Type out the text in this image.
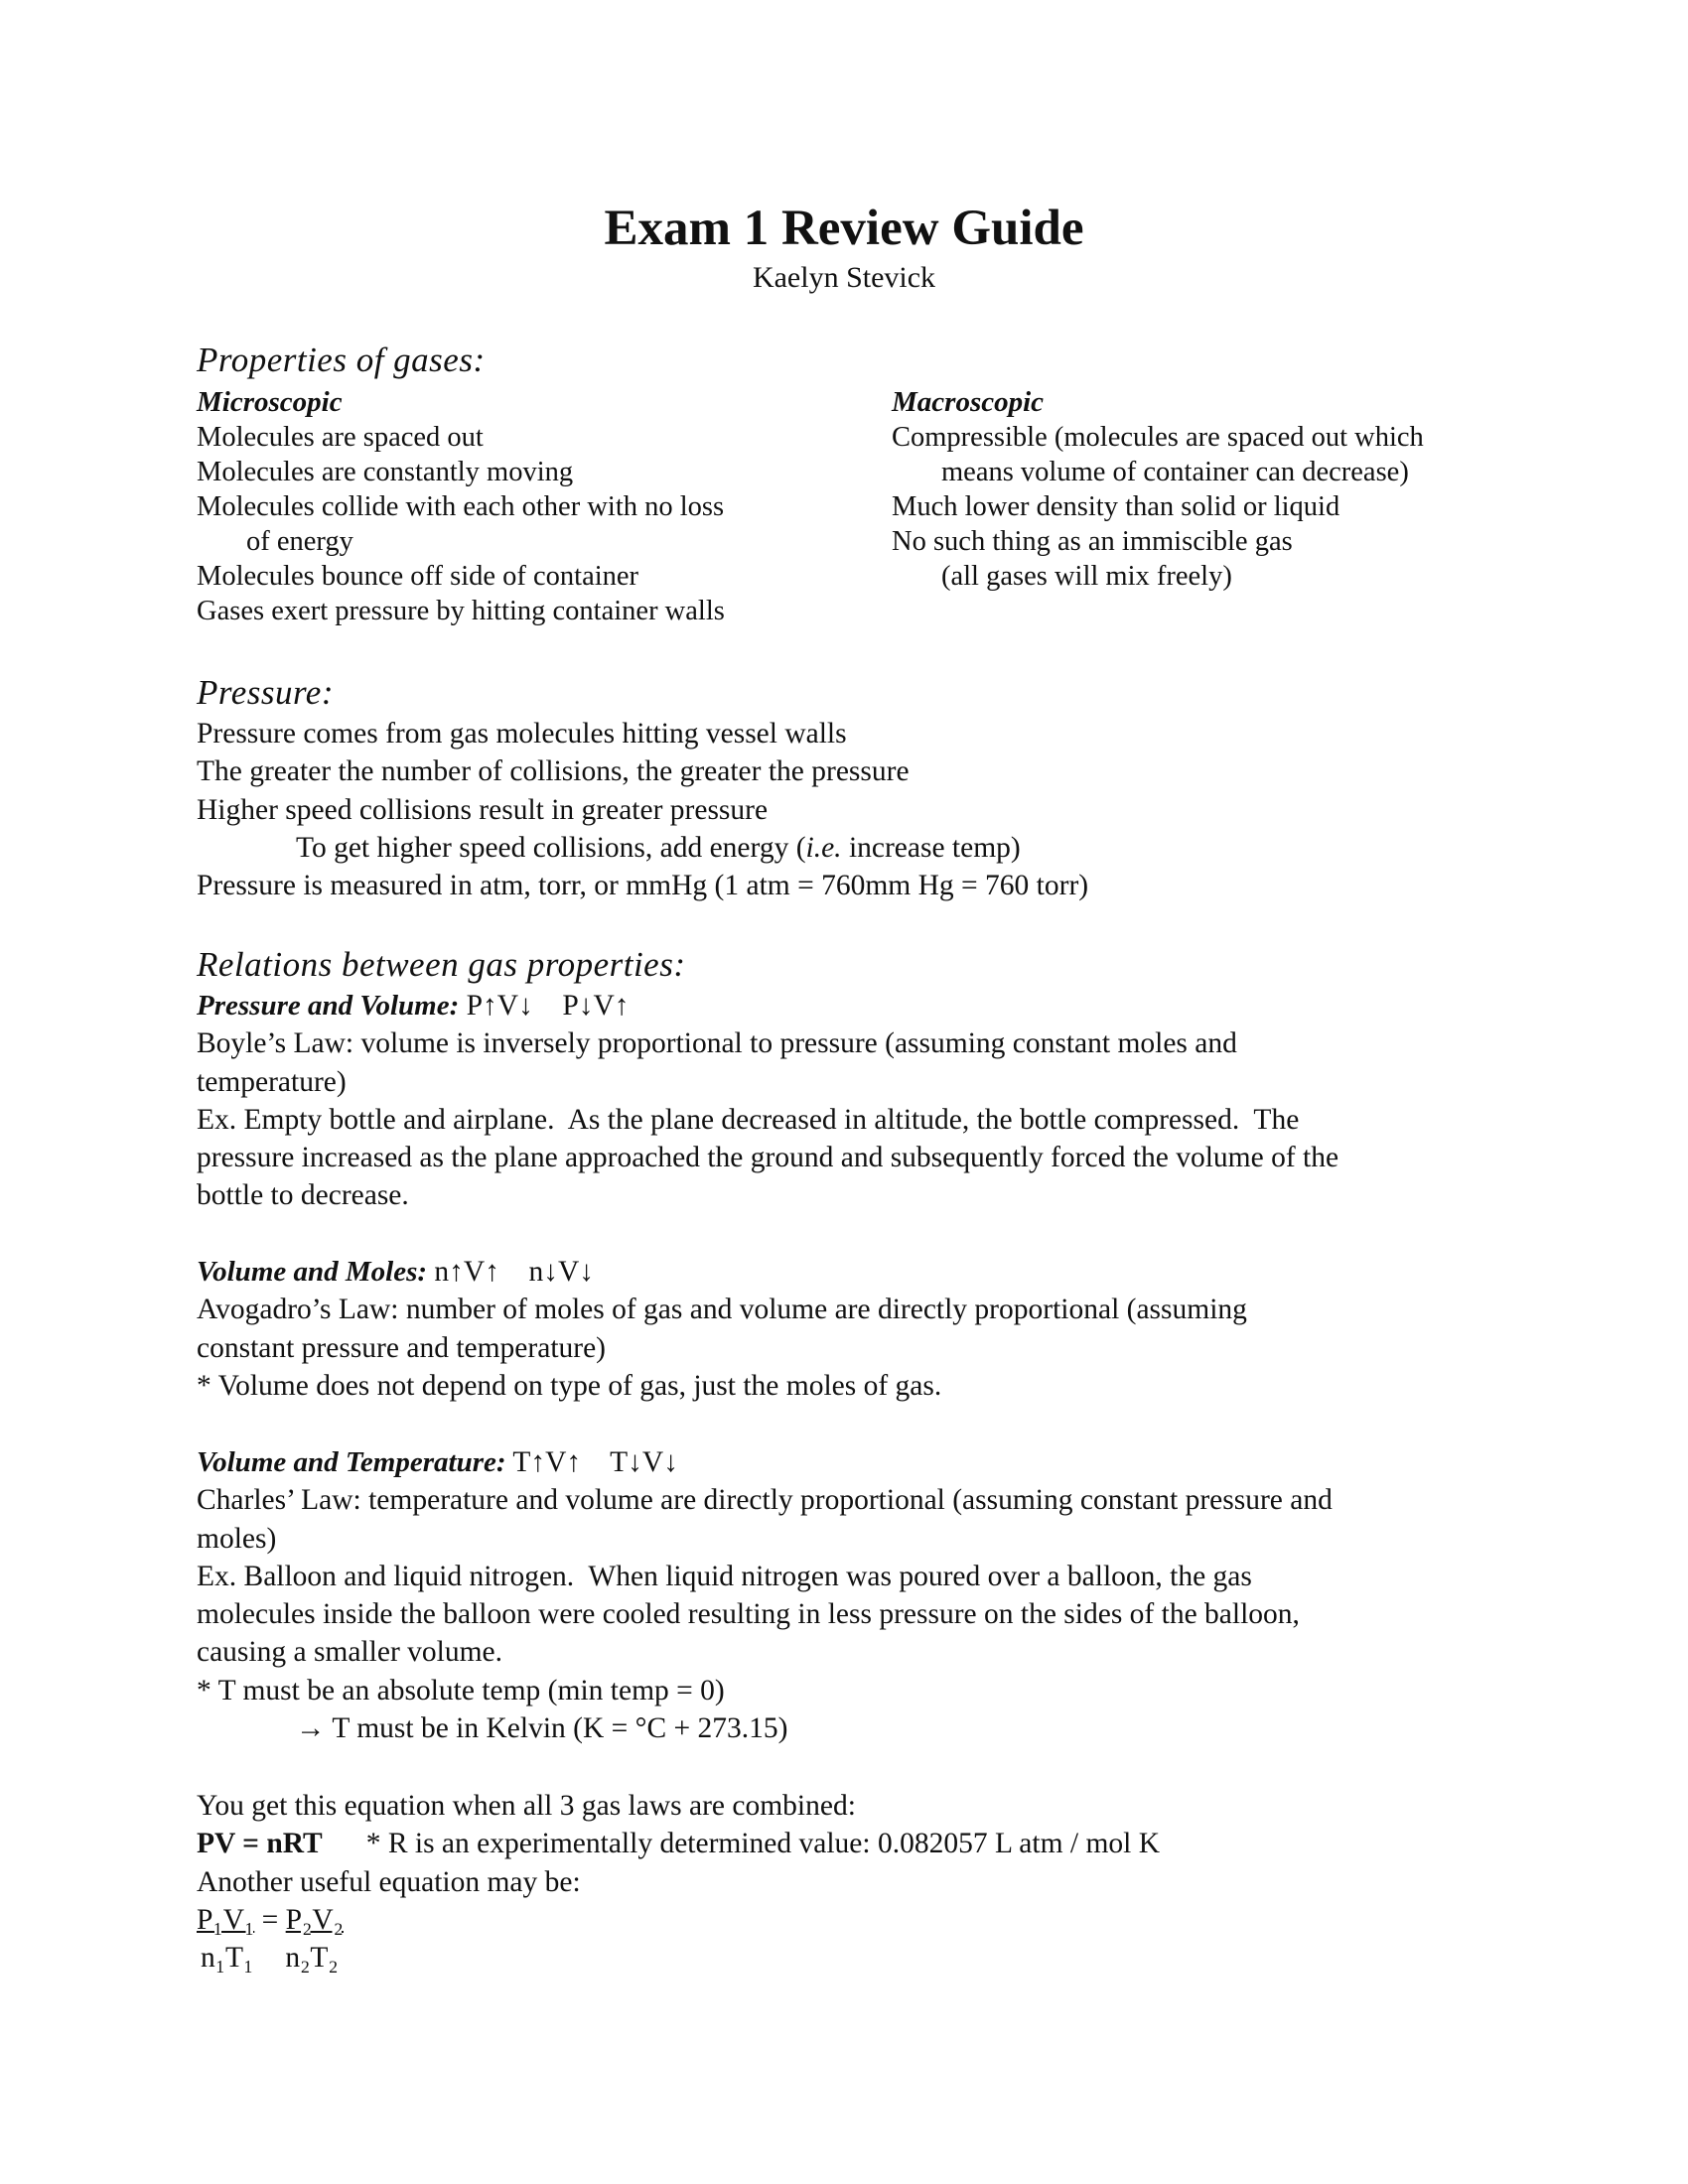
Exam 1 Review Guide
Kaelyn Stevick
Properties of gases:
Microscopic
Molecules are spaced out
Molecules are constantly moving
Molecules collide with each other with no loss
of energy
Molecules bounce off side of container
Gases exert pressure by hitting container walls
Macroscopic
Compressible (molecules are spaced out which
means volume of container can decrease)
Much lower density than solid or liquid
No such thing as an immiscible gas
(all gases will mix freely)
Pressure:
Pressure comes from gas molecules hitting vessel walls
The greater the number of collisions, the greater the pressure
Higher speed collisions result in greater pressure
To get higher speed collisions, add energy (i.e. increase temp)
Pressure is measured in atm, torr, or mmHg (1 atm = 760mm Hg = 760 torr)
Relations between gas properties:
Pressure and Volume: P↑V↓    P↓V↑
Boyle’s Law: volume is inversely proportional to pressure (assuming constant moles and
temperature)
Ex. Empty bottle and airplane.  As the plane decreased in altitude, the bottle compressed.  The
pressure increased as the plane approached the ground and subsequently forced the volume of the
bottle to decrease.
Volume and Moles: n↑V↑    n↓V↓
Avogadro’s Law: number of moles of gas and volume are directly proportional (assuming
constant pressure and temperature)
* Volume does not depend on type of gas, just the moles of gas.
Volume and Temperature: T↑V↑    T↓V↓
Charles’ Law: temperature and volume are directly proportional (assuming constant pressure and
moles)
Ex. Balloon and liquid nitrogen.  When liquid nitrogen was poured over a balloon, the gas
molecules inside the balloon were cooled resulting in less pressure on the sides of the balloon,
causing a smaller volume.
* T must be an absolute temp (min temp = 0)
→ T must be in Kelvin (K = °C + 273.15)
You get this equation when all 3 gas laws are combined:
PV = nRT * R is an experimentally determined value: 0.082057 L atm / mol K
Another useful equation may be:
P₁V₁ = P₂V₂
n₁T₁ n₂T₂
